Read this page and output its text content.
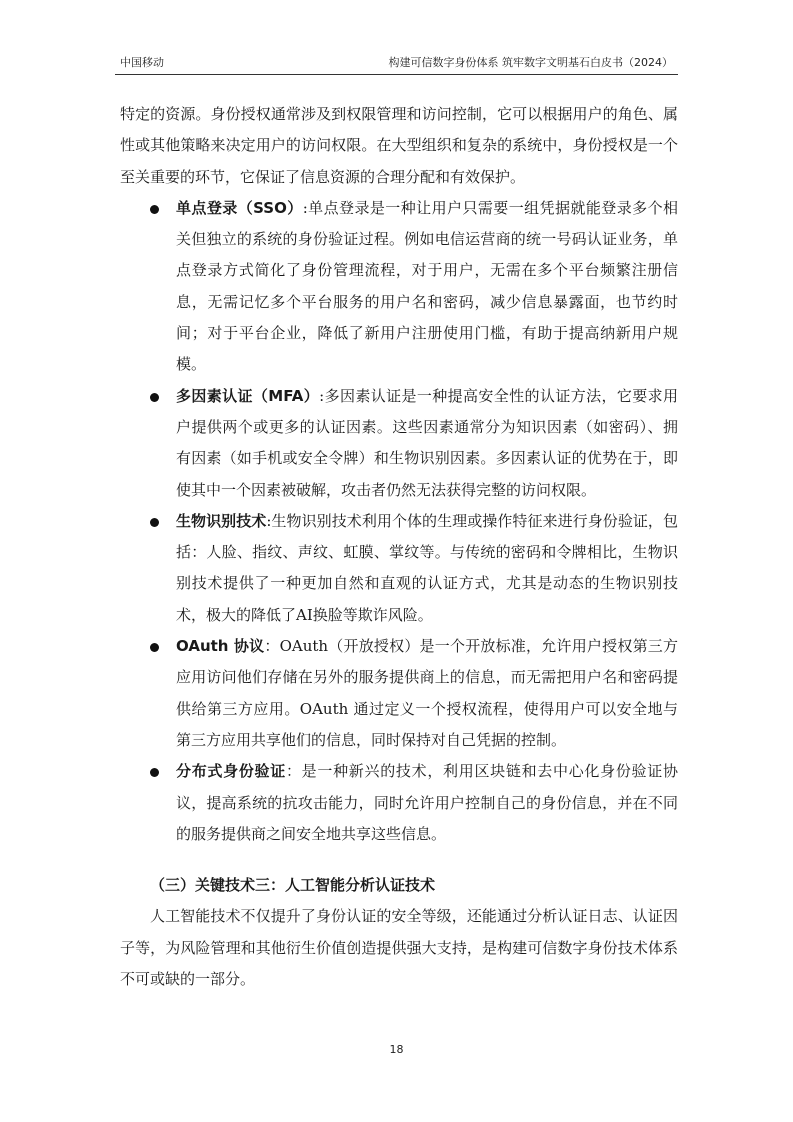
中国移动	构建可信数字身份体系 筑牢数字文明基石白皮书（2024）

特定的资源。身份授权通常涉及到权限管理和访问控制，它可以根据用户的角色、属性或其他策略来决定用户的访问权限。在大型组织和复杂的系统中，身份授权是一个至关重要的环节，它保证了信息资源的合理分配和有效保护。

单点登录（SSO）:单点登录是一种让用户只需要一组凭据就能登录多个相关但独立的系统的身份验证过程。例如电信运营商的统一号码认证业务，单点登录方式简化了身份管理流程，对于用户，无需在多个平台频繁注册信息，无需记忆多个平台服务的用户名和密码，减少信息暴露面，也节约时间；对于平台企业，降低了新用户注册使用门槛，有助于提高纳新用户规模。
多因素认证（MFA）:多因素认证是一种提高安全性的认证方法，它要求用户提供两个或更多的认证因素。这些因素通常分为知识因素（如密码）、拥有因素（如手机或安全令牌）和生物识别因素。多因素认证的优势在于，即使其中一个因素被破解，攻击者仍然无法获得完整的访问权限。
生物识别技术:生物识别技术利用个体的生理或操作特征来进行身份验证，包括：人脸、指纹、声纹、虹膜、掌纹等。与传统的密码和令牌相比，生物识别技术提供了一种更加自然和直观的认证方式，尤其是动态的生物识别技术，极大的降低了AI换脸等欺诈风险。
OAuth 协议：OAuth（开放授权）是一个开放标准，允许用户授权第三方应用访问他们存储在另外的服务提供商上的信息，而无需把用户名和密码提供给第三方应用。OAuth 通过定义一个授权流程，使得用户可以安全地与第三方应用共享他们的信息，同时保持对自己凭据的控制。
分布式身份验证：是一种新兴的技术，利用区块链和去中心化身份验证协议，提高系统的抗攻击能力，同时允许用户控制自己的身份信息，并在不同的服务提供商之间安全地共享这些信息。
（三）关键技术三：人工智能分析认证技术

人工智能技术不仅提升了身份认证的安全等级，还能通过分析认证日志、认证因子等，为风险管理和其他衍生价值创造提供强大支持，是构建可信数字身份技术体系不可或缺的一部分。

18
